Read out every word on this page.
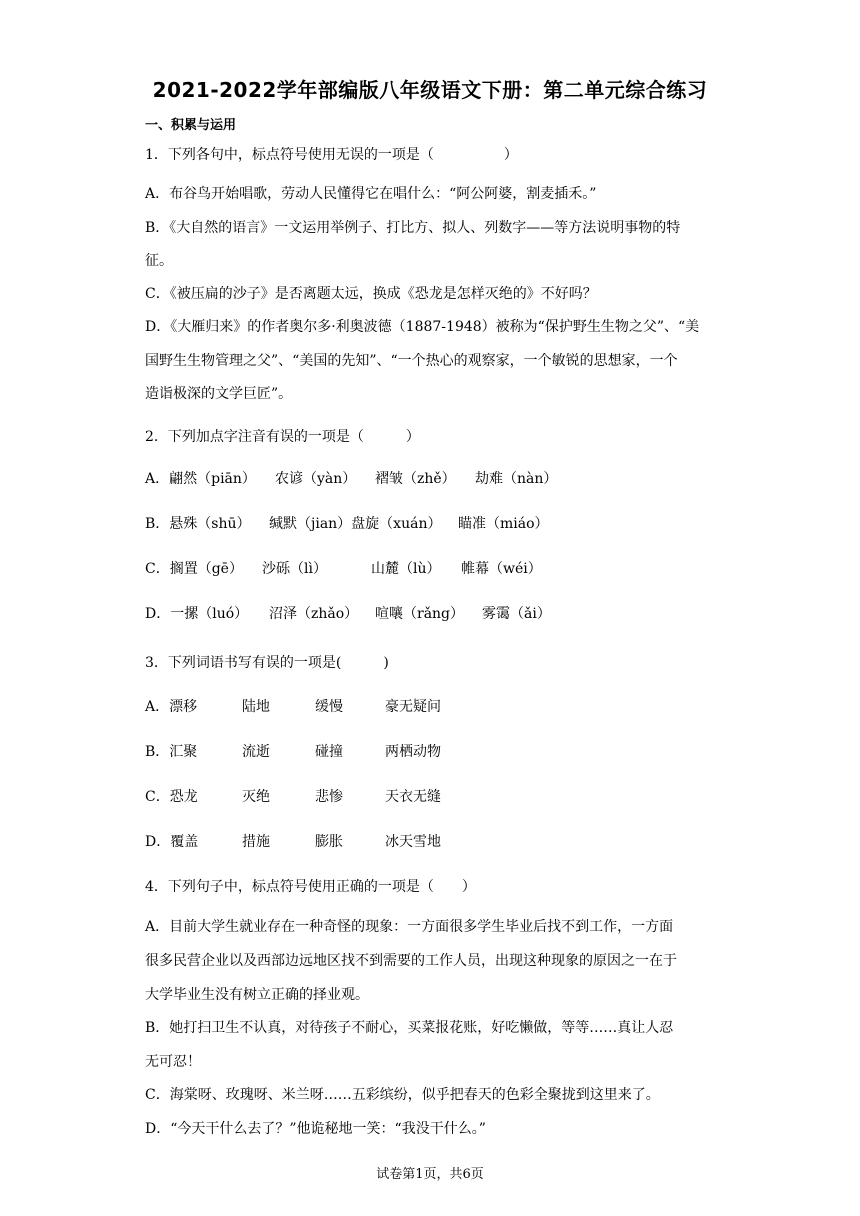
2021-2022学年部编版八年级语文下册：第二单元综合练习
一、积累与运用
1．下列各句中，标点符号使用无误的一项是（　　　　　）
A．布谷鸟开始唱歌，劳动人民懂得它在唱什么：“阿公阿婆，割麦插禾。”
B．《大自然的语言》一文运用举例子、打比方、拟人、列数字——等方法说明事物的特
征。
C．《被压扁的沙子》是否离题太远，换成《恐龙是怎样灭绝的》不好吗？
D．《大雁归来》的作者奥尔多·利奥波德（1887-1948）被称为“保护野生生物之父”、“美
国野生生物管理之父”、“美国的先知”、“一个热心的观察家，一个敏锐的思想家，一个
造诣极深的文学巨匠”。
2．下列加点字注音有误的一项是（　　　）
A．翩然（piān） 农谚（yàn） 褶皱（zhě） 劫难（nàn）
B．悬殊（shū） 缄默（jian）盘旋（xuán） 瞄准（miáo）
C．搁置（gē） 沙砾（lì）	山麓（lù） 帷幕（wéi）
D．一摞（luó） 沼泽（zhǎo） 喧嚷（rǎng） 雾霭（ǎi）
3．下列词语书写有误的一项是(　　　)
A．漂移	陆地	缓慢	豪无疑问
B．汇聚	流逝	碰撞	两栖动物
C．恐龙	灭绝	悲惨	天衣无缝
D．覆盖	措施	膨胀	冰天雪地
4．下列句子中，标点符号使用正确的一项是（　　）
A．目前大学生就业存在一种奇怪的现象：一方面很多学生毕业后找不到工作，一方面
很多民营企业以及西部边远地区找不到需要的工作人员，出现这种现象的原因之一在于
大学毕业生没有树立正确的择业观。
B．她打扫卫生不认真，对待孩子不耐心，买菜报花账，好吃懒做，等等……真让人忍
无可忍！
C．海棠呀、玫瑰呀、米兰呀……五彩缤纷，似乎把春天的色彩全聚拢到这里来了。
D．“今天干什么去了？”他诡秘地一笑：“我没干什么。”
试卷第1页，共6页
